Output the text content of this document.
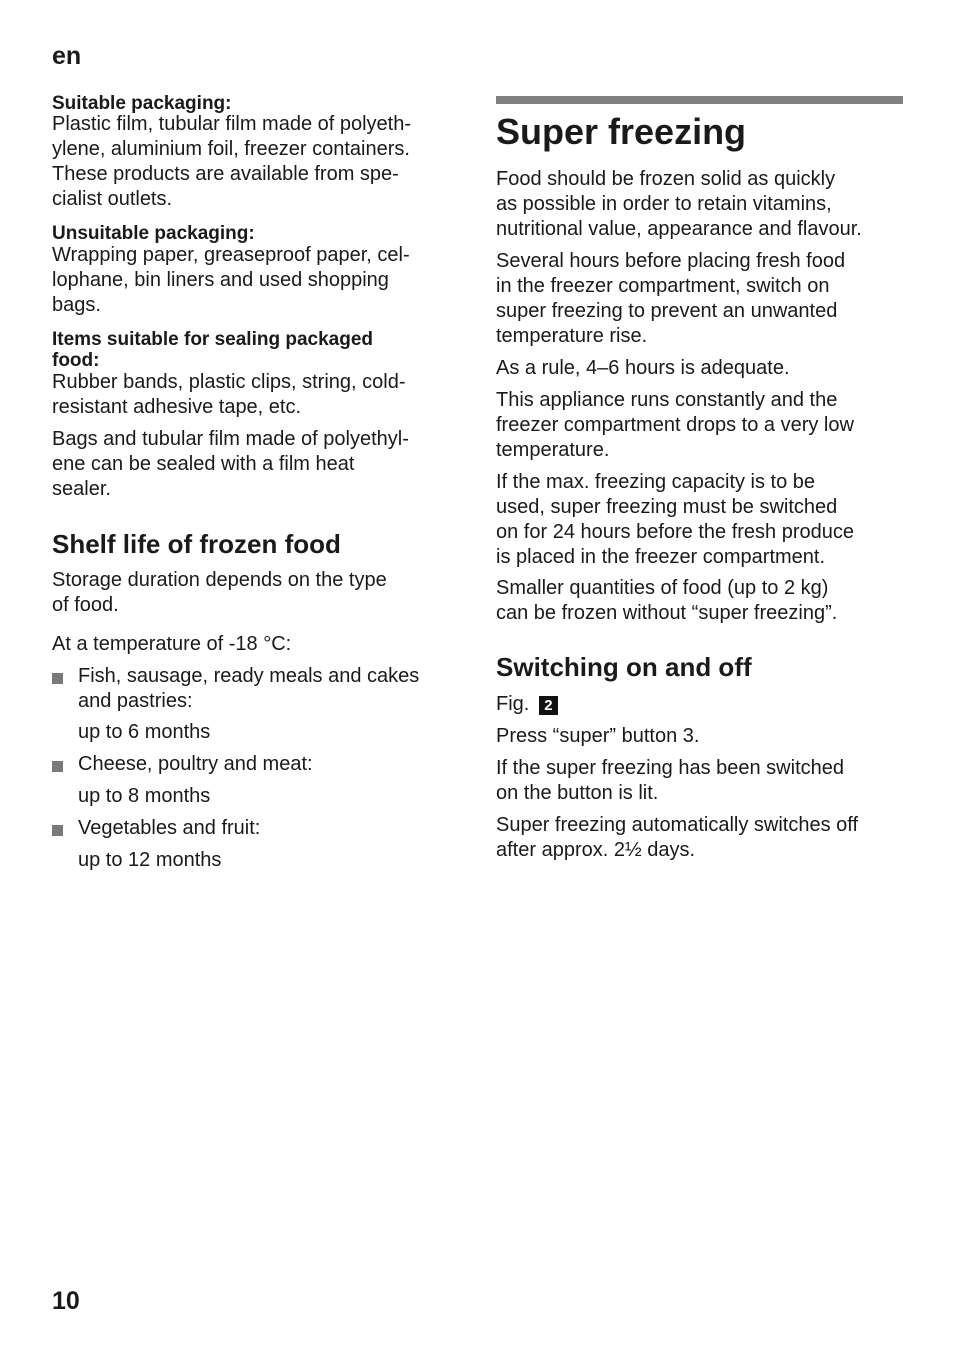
en
Suitable packaging:

Plastic film, tubular film made of polyeth-

ylene, aluminium foil, freezer containers.

These products are available from spe-

cialist outlets.

Unsuitable packaging:

Wrapping paper, greaseproof paper, cel-

lophane, bin liners and used shopping

bags.

Items suitable for sealing packaged

food:

Rubber bands, plastic clips, string, cold-

resistant adhesive tape, etc.

Bags and tubular film made of polyethyl-

ene can be sealed with a film heat

sealer.

Shelf life of frozen food

Storage duration depends on the type

of food.

At a temperature of -18 °C:

Fish, sausage, ready meals and cakes

and pastries:

up to 6 months

Cheese, poultry and meat:

up to 8 months

Vegetables and fruit:

up to 12 months
Super freezing

Food should be frozen solid as quickly

as possible in order to retain vitamins,

nutritional value, appearance and flavour.

Several hours before placing fresh food

in the freezer compartment, switch on

super freezing to prevent an unwanted

temperature rise.

As a rule, 4–6 hours is adequate.

This appliance runs constantly and the

freezer compartment drops to a very low

temperature.

If the max. freezing capacity is to be

used, super freezing must be switched

on for 24 hours before the fresh produce

is placed in the freezer compartment.

Smaller quantities of food (up to 2 kg)

can be frozen without “super freezing”.

Switching on and off
Fig. 2
Press “super” button 3.

If the super freezing has been switched

on the button is lit.

Super freezing automatically switches off

after approx. 2½ days.

10
